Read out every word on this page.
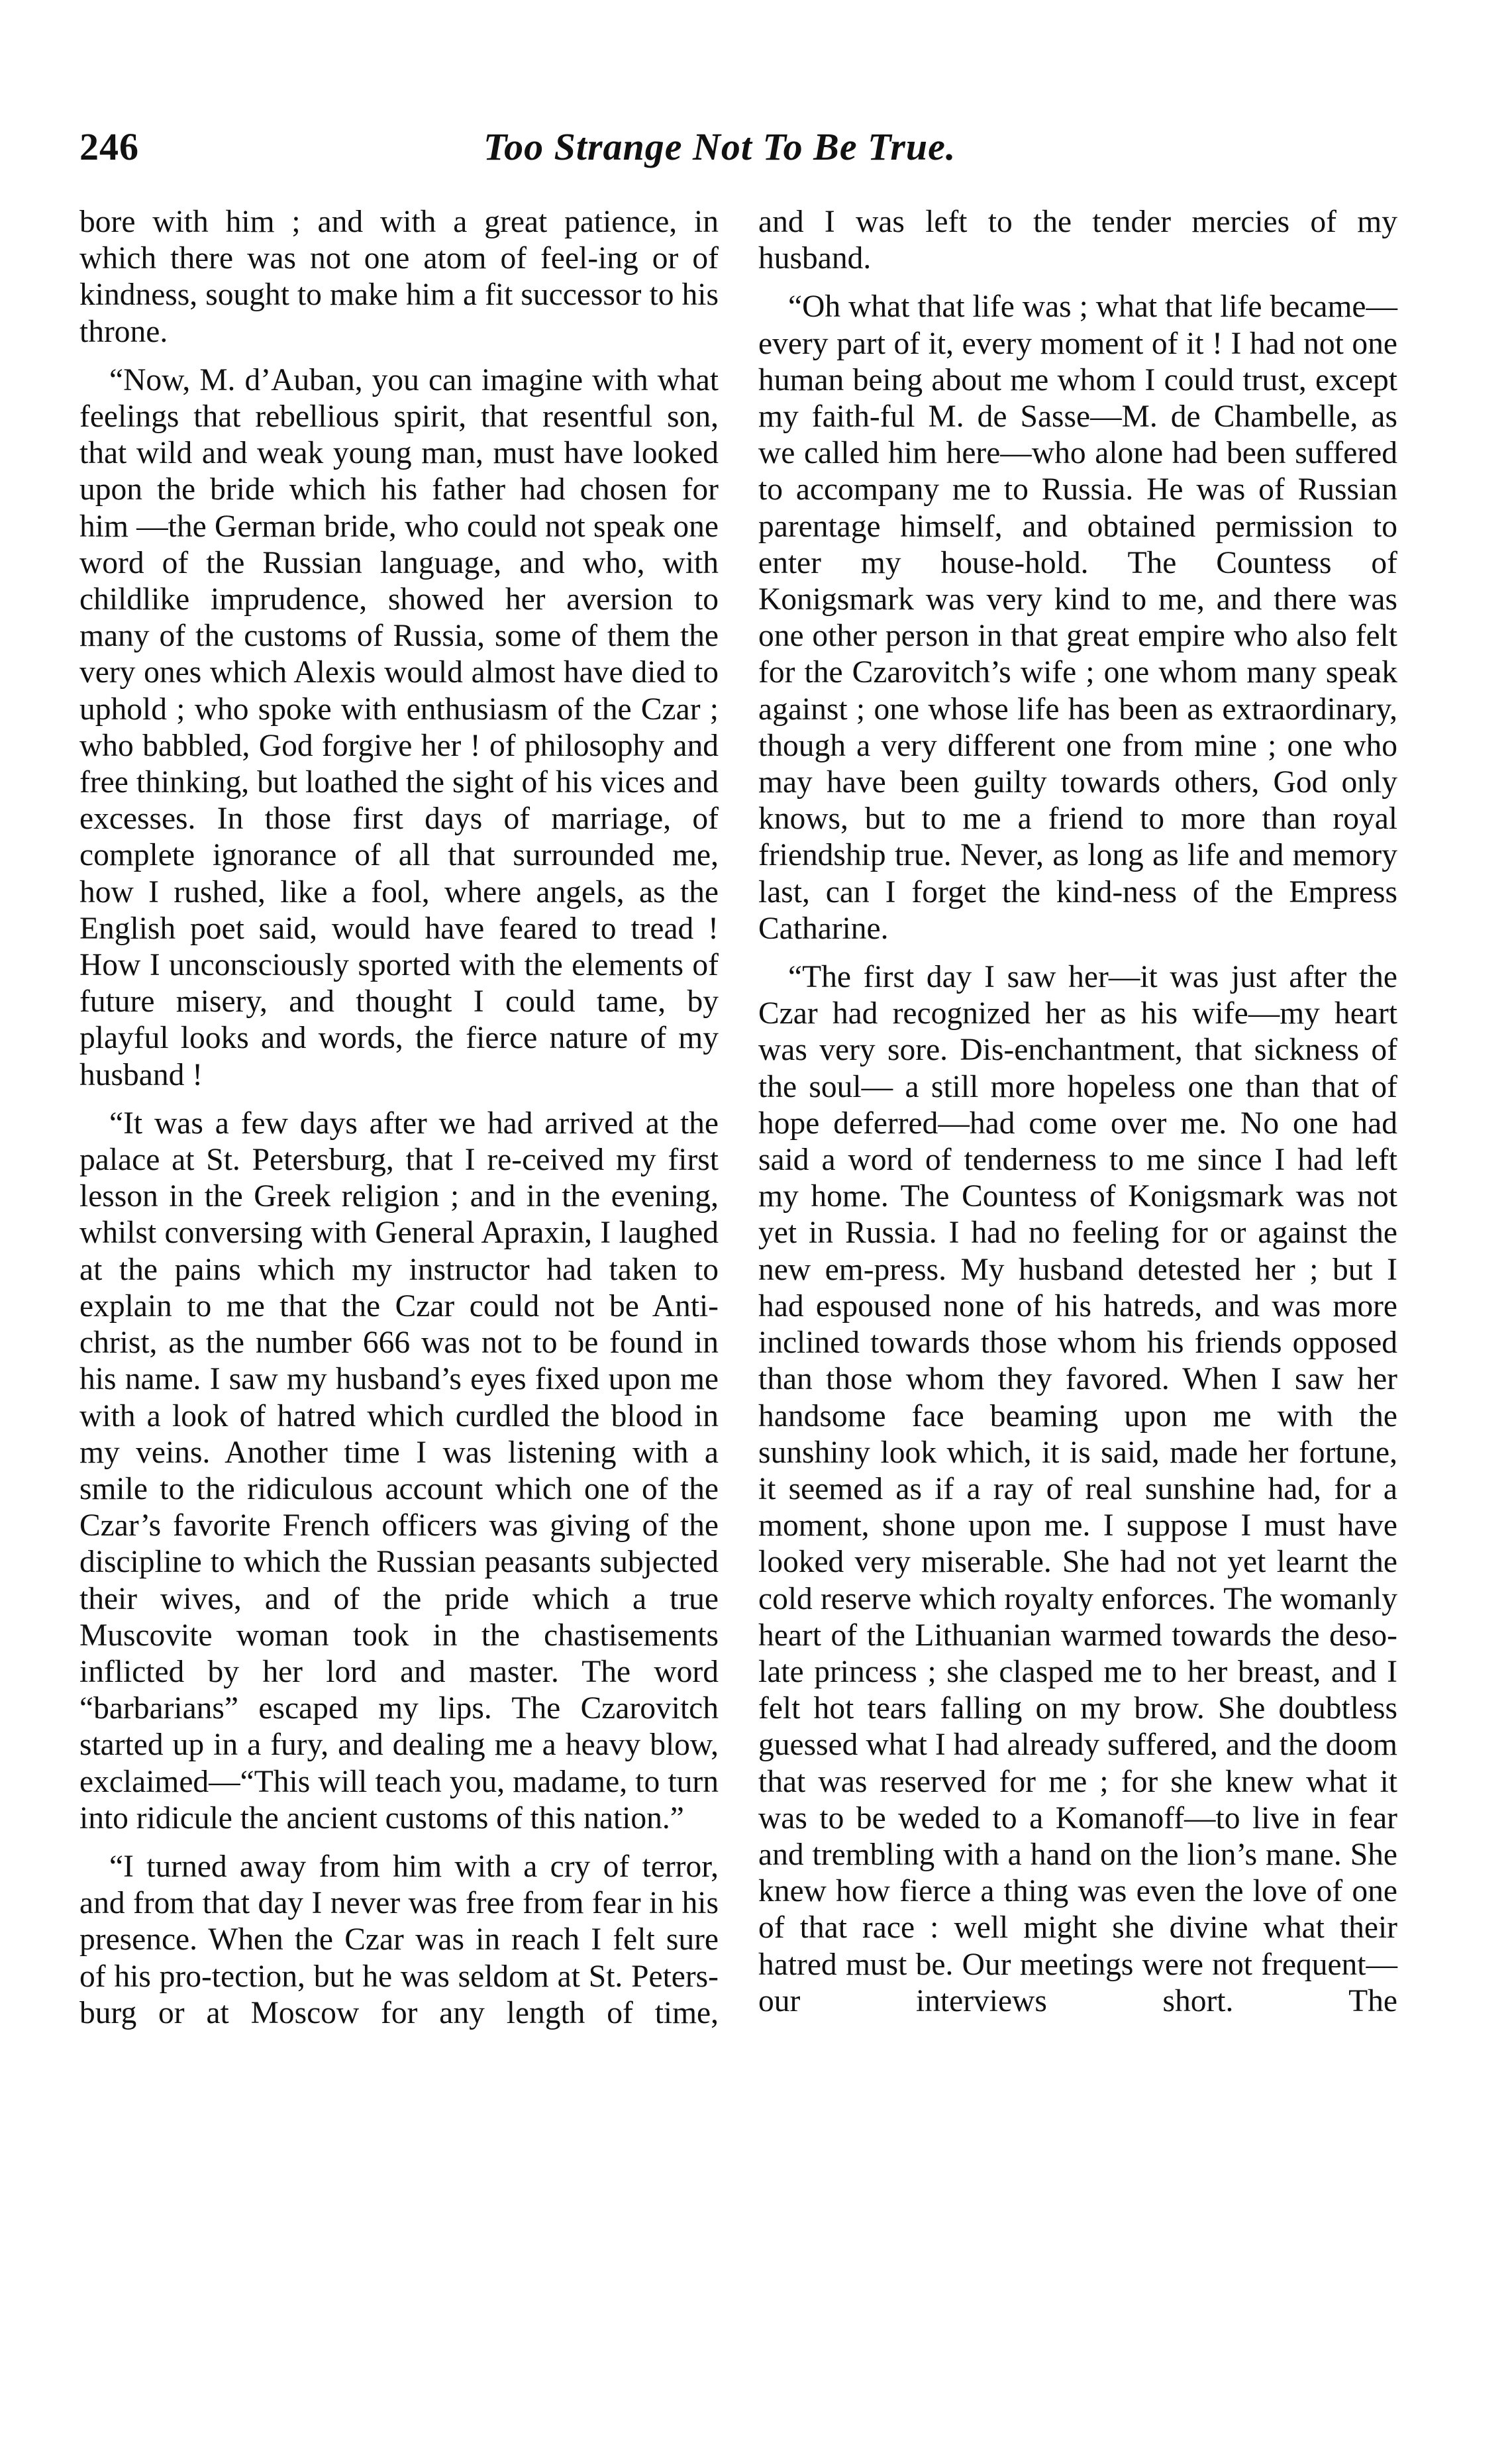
246	Too Strange Not To Be True.

bore with him ; and with a great patience, in which there was not one atom of feel-ing or of kindness, sought to make him a fit successor to his throne.

“Now, M. d’Auban, you can imagine with what feelings that rebellious spirit, that resentful son, that wild and weak young man, must have looked upon the bride which his father had chosen for him —the German bride, who could not speak one word of the Russian language, and who, with childlike imprudence, showed her aversion to many of the customs of Russia, some of them the very ones which Alexis would almost have died to uphold ; who spoke with enthusiasm of the Czar ; who babbled, God forgive her ! of philosophy and free thinking, but loathed the sight of his vices and excesses. In those first days of marriage, of complete ignorance of all that surrounded me, how I rushed, like a fool, where angels, as the English poet said, would have feared to tread ! How I unconsciously sported with the elements of future misery, and thought I could tame, by playful looks and words, the fierce nature of my husband !

“It was a few days after we had arrived at the palace at St. Petersburg, that I re-ceived my first lesson in the Greek religion ; and in the evening, whilst conversing with General Apraxin, I laughed at the pains which my instructor had taken to explain to me that the Czar could not be Anti-christ, as the number 666 was not to be found in his name. I saw my husband’s eyes fixed upon me with a look of hatred which curdled the blood in my veins. Another time I was listening with a smile to the ridiculous account which one of the Czar’s favorite French officers was giving of the discipline to which the Russian peasants subjected their wives, and of the pride which a true Muscovite woman took in the chastisements inflicted by her lord and master. The word “barbarians” escaped my lips. The Czarovitch started up in a fury, and dealing me a heavy blow, exclaimed—“This will teach you, madame, to turn into ridicule the ancient customs of this nation.”

“I turned away from him with a cry of terror, and from that day I never was free from fear in his presence. When the Czar was in reach I felt sure of his pro-tection, but he was seldom at St. Peters-burg or at Moscow for any length of time,

and I was left to the tender mercies of my husband.

“Oh what that life was ; what that life became—every part of it, every moment of it ! I had not one human being about me whom I could trust, except my faith-ful M. de Sasse—M. de Chambelle, as we called him here—who alone had been suffered to accompany me to Russia. He was of Russian parentage himself, and obtained permission to enter my house-hold. The Countess of Konigsmark was very kind to me, and there was one other person in that great empire who also felt for the Czarovitch’s wife ; one whom many speak against ; one whose life has been as extraordinary, though a very different one from mine ; one who may have been guilty towards others, God only knows, but to me a friend to more than royal friendship true. Never, as long as life and memory last, can I forget the kind-ness of the Empress Catharine.

“The first day I saw her—it was just after the Czar had recognized her as his wife—my heart was very sore. Dis-enchantment, that sickness of the soul— a still more hopeless one than that of hope deferred—had come over me. No one had said a word of tenderness to me since I had left my home. The Countess of Konigsmark was not yet in Russia. I had no feeling for or against the new em-press. My husband detested her ; but I had espoused none of his hatreds, and was more inclined towards those whom his friends opposed than those whom they favored. When I saw her handsome face beaming upon me with the sunshiny look which, it is said, made her fortune, it seemed as if a ray of real sunshine had, for a moment, shone upon me. I suppose I must have looked very miserable. She had not yet learnt the cold reserve which royalty enforces. The womanly heart of the Lithuanian warmed towards the deso-late princess ; she clasped me to her breast, and I felt hot tears falling on my brow. She doubtless guessed what I had already suffered, and the doom that was reserved for me ; for she knew what it was to be weded to a Komanoff—to live in fear and trembling with a hand on the lion’s mane. She knew how fierce a thing was even the love of one of that race : well might she divine what their hatred must be. Our meetings were not frequent—our interviews short. The
